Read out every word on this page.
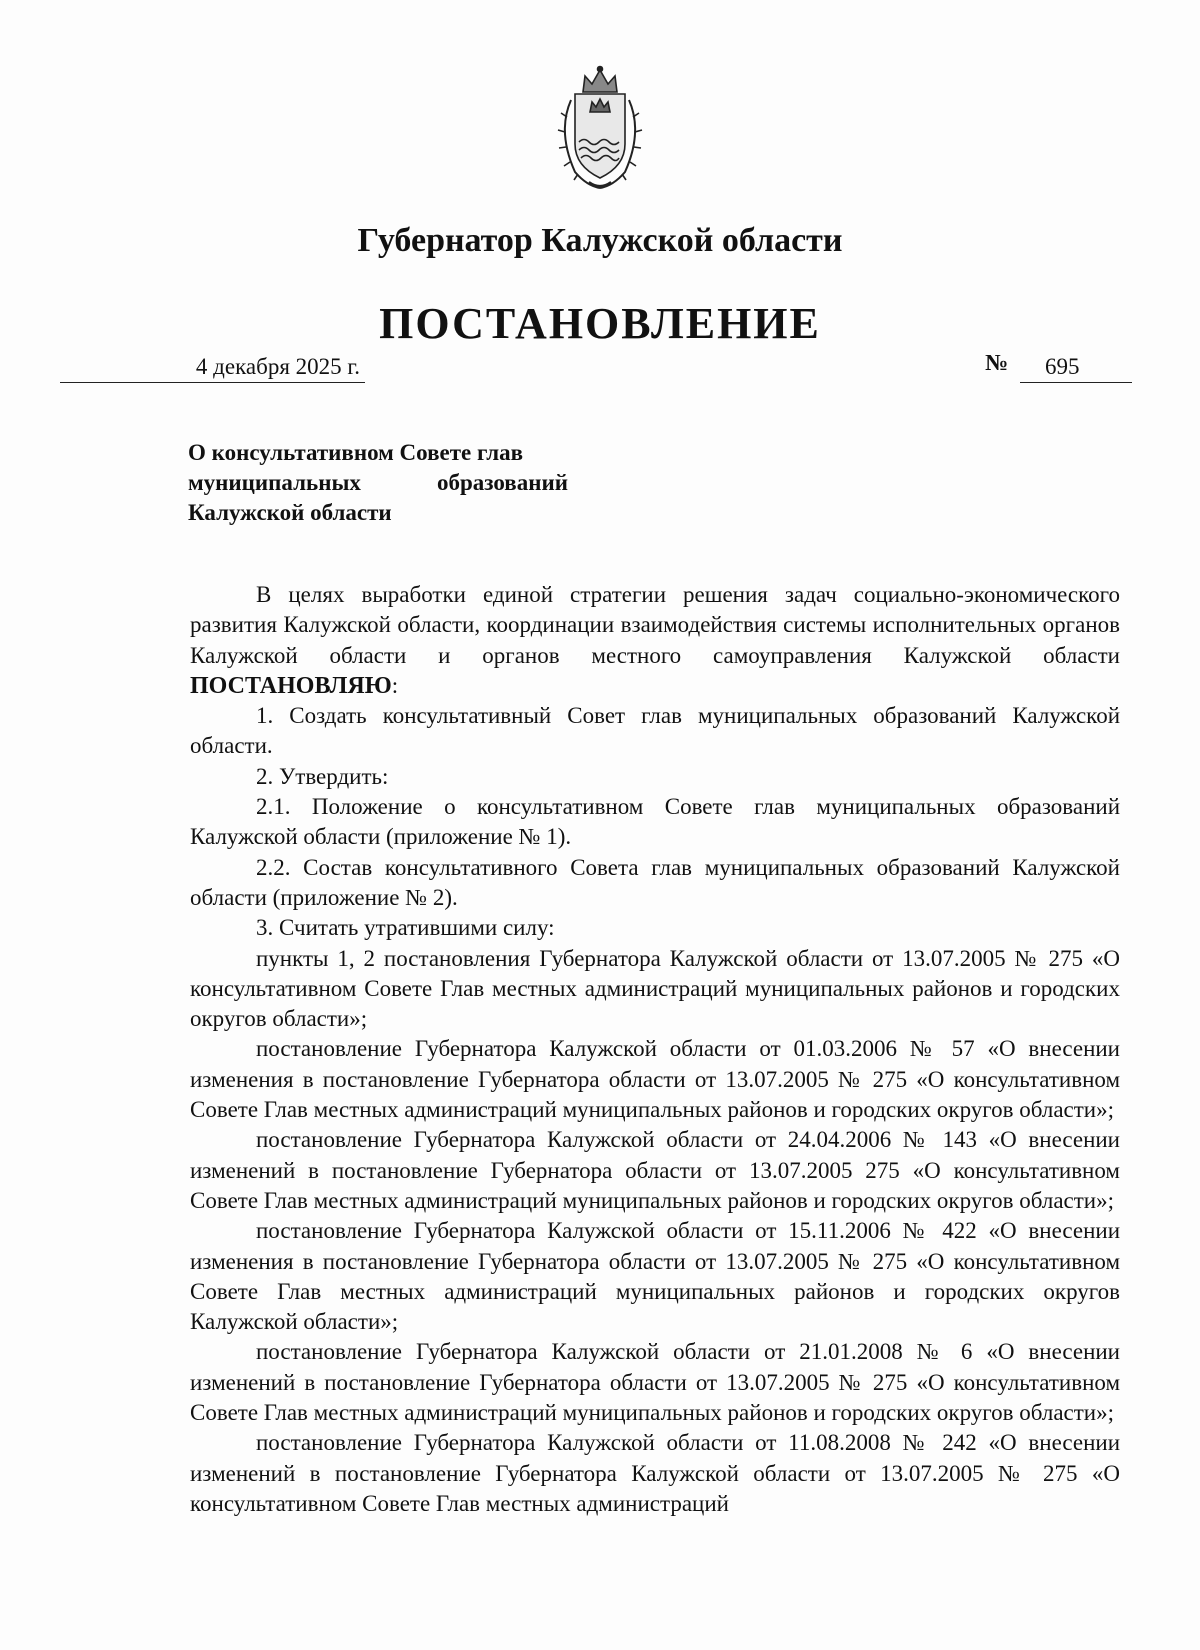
Губернатор Калужской области
ПОСТАНОВЛЕНИЕ
4 декабря 2025 г.	№ 695
О консультативном Совете глав
муниципальных образований
Калужской области

В целях выработки единой стратегии решения задач социально-экономического развития Калужской области, координации взаимодействия системы исполнительных органов Калужской области и органов местного самоуправления Калужской области ПОСТАНОВЛЯЮ:

1. Создать консультативный Совет глав муниципальных образований Калужской области.

2. Утвердить:

2.1. Положение о консультативном Совете глав муниципальных образований Калужской области (приложение № 1).

2.2. Состав консультативного Совета глав муниципальных образований Калужской области (приложение № 2).

3. Считать утратившими силу:

пункты 1, 2 постановления Губернатора Калужской области от 13.07.2005 № 275 «О консультативном Совете Глав местных администраций муниципальных районов и городских округов области»;

постановление Губернатора Калужской области от 01.03.2006 № 57 «О внесении изменения в постановление Губернатора области от 13.07.2005 № 275 «О консультативном Совете Глав местных администраций муниципальных районов и городских округов области»;

постановление Губернатора Калужской области от 24.04.2006 № 143 «О внесении изменений в постановление Губернатора области от 13.07.2005 275 «О консультативном Совете Глав местных администраций муниципальных районов и городских округов области»;

постановление Губернатора Калужской области от 15.11.2006 № 422 «О внесении изменения в постановление Губернатора области от 13.07.2005 № 275 «О консультативном Совете Глав местных администраций муниципальных районов и городских округов Калужской области»;

постановление Губернатора Калужской области от 21.01.2008 № 6 «О внесении изменений в постановление Губернатора области от 13.07.2005 № 275 «О консультативном Совете Глав местных администраций муниципальных районов и городских округов области»;

постановление Губернатора Калужской области от 11.08.2008 № 242 «О внесении изменений в постановление Губернатора Калужской области от 13.07.2005 № 275 «О консультативном Совете Глав местных администраций
